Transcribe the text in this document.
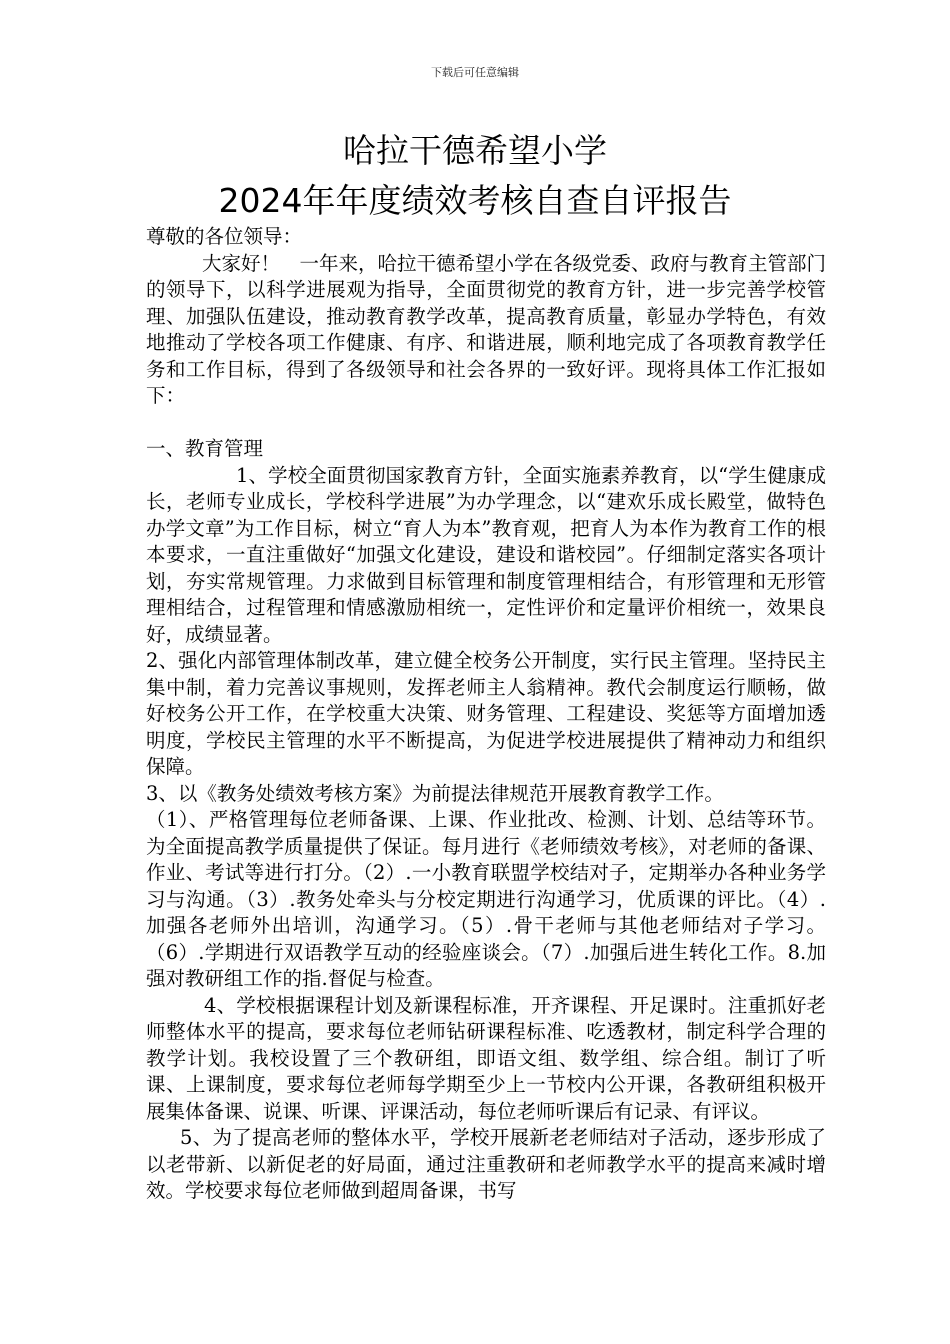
下载后可任意编辑
哈拉干德希望小学
2024年年度绩效考核自查自评报告

尊敬的各位领导：

大家好！　一年来，哈拉干德希望小学在各级党委、政府与教育主管部门的领导下，以科学进展观为指导，全面贯彻党的教育方针，进一步完善学校管理、加强队伍建设，推动教育教学改革，提高教育质量，彰显办学特色，有效地推动了学校各项工作健康、有序、和谐进展，顺利地完成了各项教育教学任务和工作目标，得到了各级领导和社会各界的一致好评。现将具体工作汇报如下：

一、教育管理

1、学校全面贯彻国家教育方针，全面实施素养教育，以“学生健康成长，老师专业成长，学校科学进展”为办学理念，以“建欢乐成长殿堂，做特色办学文章”为工作目标，树立“育人为本”教育观，把育人为本作为教育工作的根本要求，一直注重做好“加强文化建设，建设和谐校园”。仔细制定落实各项计划，夯实常规管理。力求做到目标管理和制度管理相结合，有形管理和无形管理相结合，过程管理和情感激励相统一，定性评价和定量评价相统一，效果良好，成绩显著。

2、强化内部管理体制改革，建立健全校务公开制度，实行民主管理。坚持民主集中制，着力完善议事规则，发挥老师主人翁精神。教代会制度运行顺畅，做好校务公开工作，在学校重大决策、财务管理、工程建设、奖惩等方面增加透明度，学校民主管理的水平不断提高，为促进学校进展提供了精神动力和组织保障。

3、以《教务处绩效考核方案》为前提法律规范开展教育教学工作。

（1）、严格管理每位老师备课、上课、作业批改、检测、计划、总结等环节。为全面提高教学质量提供了保证。每月进行《老师绩效考核》，对老师的备课、作业、考试等进行打分。（2）.一小教育联盟学校结对子，定期举办各种业务学习与沟通。（3）.教务处牵头与分校定期进行沟通学习，优质课的评比。（4）.加强各老师外出培训，沟通学习。（5）.骨干老师与其他老师结对子学习。（6）.学期进行双语教学互动的经验座谈会。（7）.加强后进生转化工作。8.加强对教研组工作的指.督促与检查。

4、学校根据课程计划及新课程标准，开齐课程、开足课时。注重抓好老师整体水平的提高，要求每位老师钻研课程标准、吃透教材，制定科学合理的教学计划。我校设置了三个教研组，即语文组、数学组、综合组。制订了听课、上课制度，要求每位老师每学期至少上一节校内公开课，各教研组积极开展集体备课、说课、听课、评课活动，每位老师听课后有记录、有评议。

5、为了提高老师的整体水平，学校开展新老老师结对子活动，逐步形成了以老带新、以新促老的好局面，通过注重教研和老师教学水平的提高来减时增效。学校要求每位老师做到超周备课，书写
